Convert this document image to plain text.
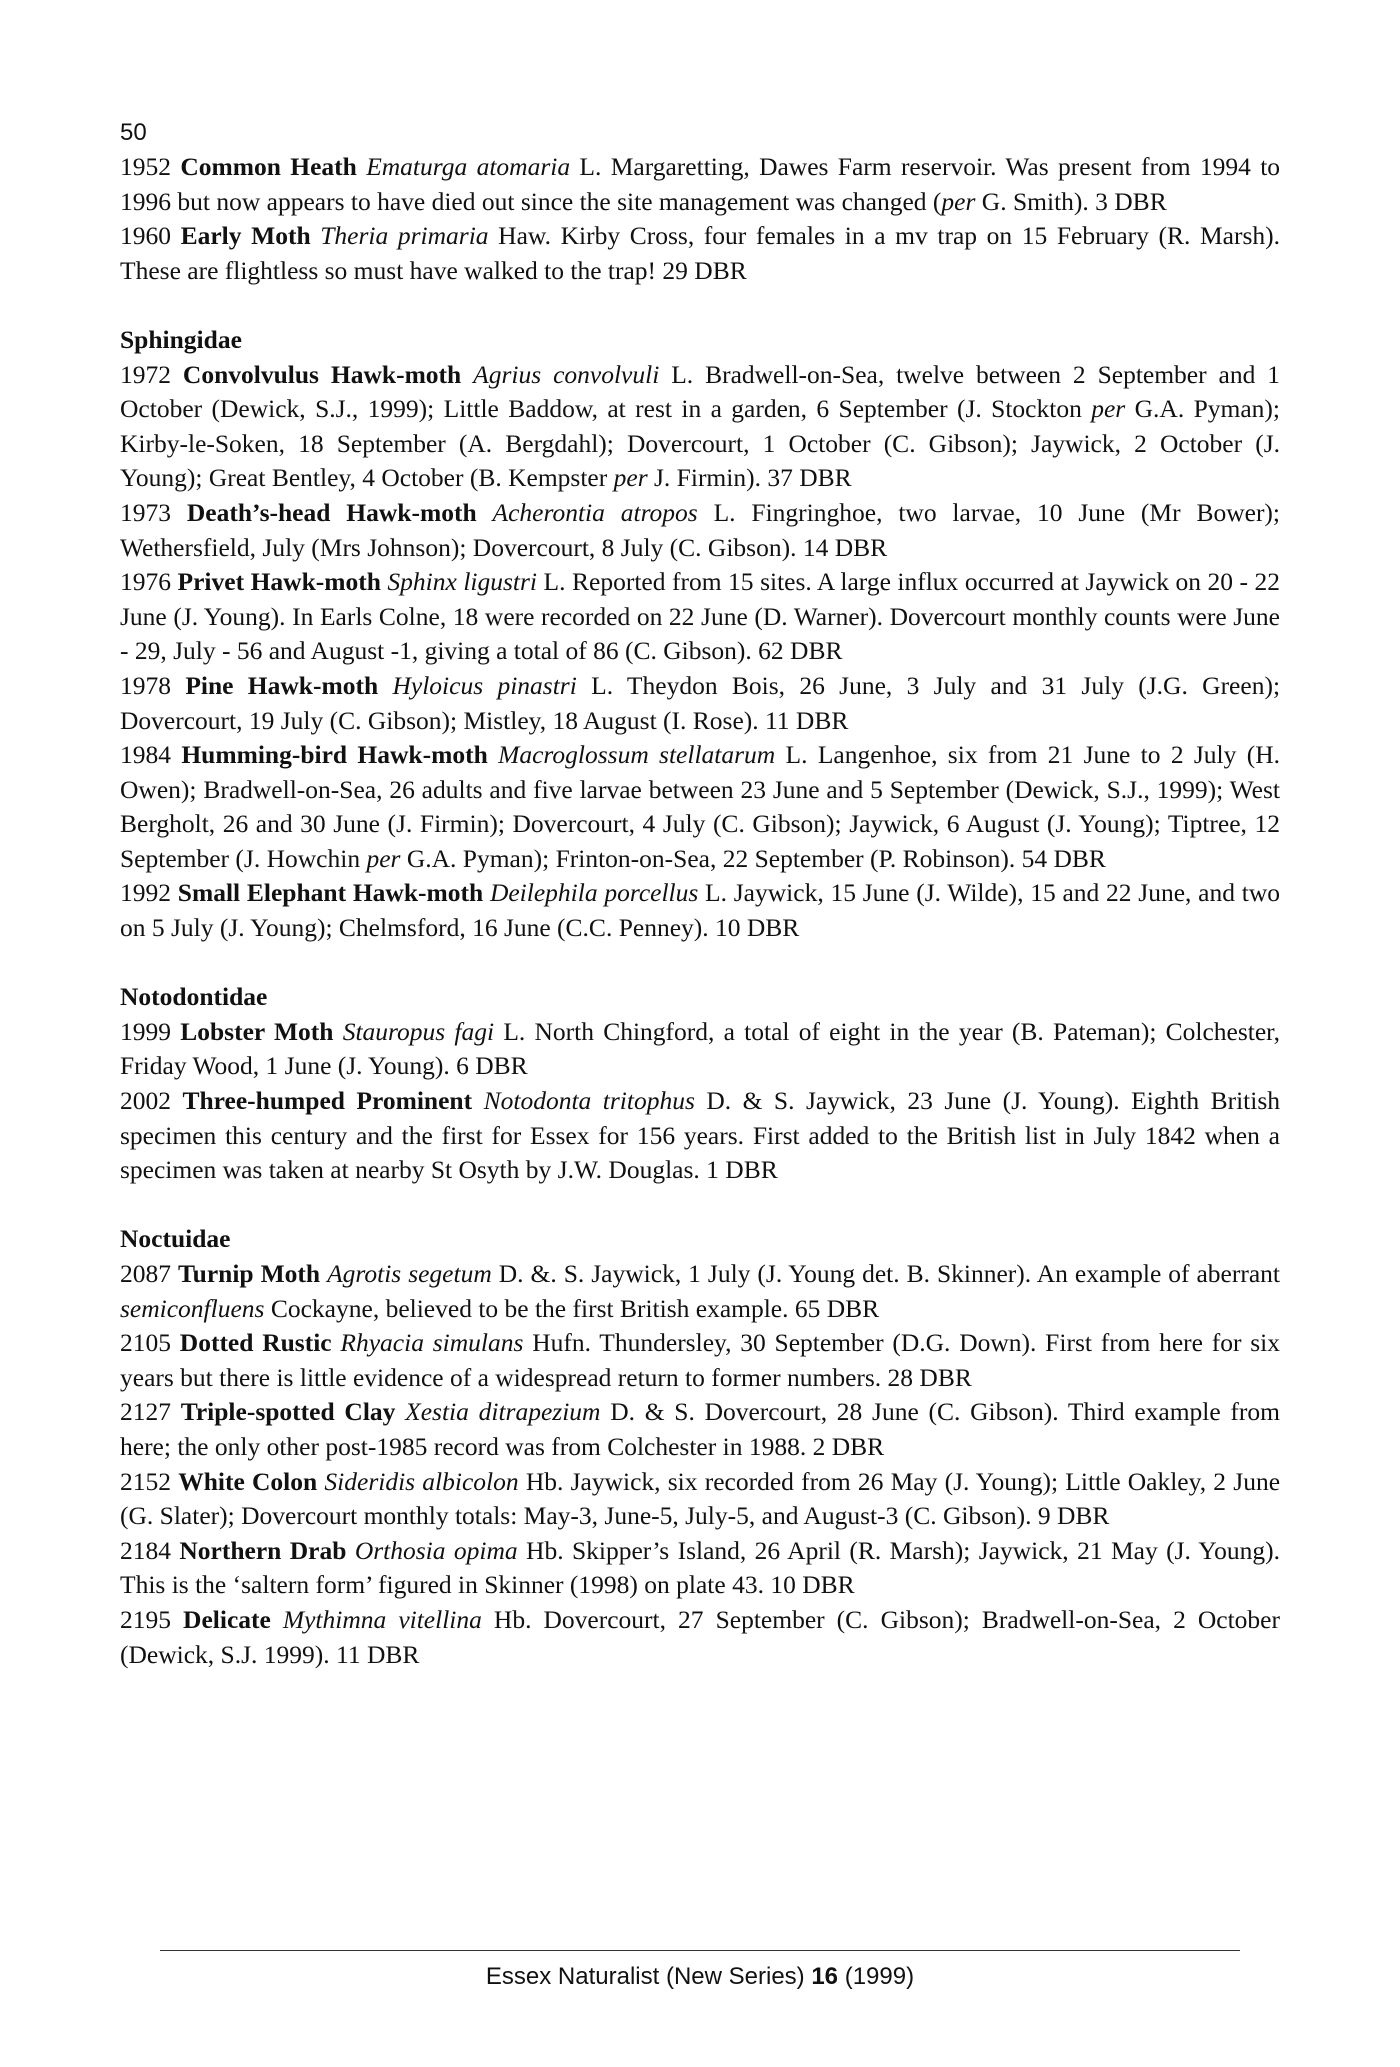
50

1952 Common Heath Ematurga atomaria L. Margaretting, Dawes Farm reservoir. Was present from 1994 to 1996 but now appears to have died out since the site management was changed (per G. Smith). 3 DBR

1960 Early Moth Theria primaria Haw. Kirby Cross, four females in a mv trap on 15 February (R. Marsh). These are flightless so must have walked to the trap! 29 DBR

Sphingidae

1972 Convolvulus Hawk-moth Agrius convolvuli L. Bradwell-on-Sea, twelve between 2 September and 1 October (Dewick, S.J., 1999); Little Baddow, at rest in a garden, 6 September (J. Stockton per G.A. Pyman); Kirby-le-Soken, 18 September (A. Bergdahl); Dovercourt, 1 October (C. Gibson); Jaywick, 2 October (J. Young); Great Bentley, 4 October (B. Kempster per J. Firmin). 37 DBR

1973 Death’s-head Hawk-moth Acherontia atropos L. Fingringhoe, two larvae, 10 June (Mr Bower); Wethersfield, July (Mrs Johnson); Dovercourt, 8 July (C. Gibson). 14 DBR

1976 Privet Hawk-moth Sphinx ligustri L. Reported from 15 sites. A large influx occurred at Jaywick on 20 - 22 June (J. Young). In Earls Colne, 18 were recorded on 22 June (D. Warner). Dovercourt monthly counts were June - 29, July - 56 and August -1, giving a total of 86 (C. Gibson). 62 DBR

1978 Pine Hawk-moth Hyloicus pinastri L. Theydon Bois, 26 June, 3 July and 31 July (J.G. Green); Dovercourt, 19 July (C. Gibson); Mistley, 18 August (I. Rose). 11 DBR

1984 Humming-bird Hawk-moth Macroglossum stellatarum L. Langenhoe, six from 21 June to 2 July (H. Owen); Bradwell-on-Sea, 26 adults and five larvae between 23 June and 5 September (Dewick, S.J., 1999); West Bergholt, 26 and 30 June (J. Firmin); Dovercourt, 4 July (C. Gibson); Jaywick, 6 August (J. Young); Tiptree, 12 September (J. Howchin per G.A. Pyman); Frinton-on-Sea, 22 September (P. Robinson). 54 DBR

1992 Small Elephant Hawk-moth Deilephila porcellus L. Jaywick, 15 June (J. Wilde), 15 and 22 June, and two on 5 July (J. Young); Chelmsford, 16 June (C.C. Penney). 10 DBR

Notodontidae

1999 Lobster Moth Stauropus fagi L. North Chingford, a total of eight in the year (B. Pateman); Colchester, Friday Wood, 1 June (J. Young). 6 DBR

2002 Three-humped Prominent Notodonta tritophus D. & S. Jaywick, 23 June (J. Young). Eighth British specimen this century and the first for Essex for 156 years. First added to the British list in July 1842 when a specimen was taken at nearby St Osyth by J.W. Douglas. 1 DBR

Noctuidae

2087 Turnip Moth Agrotis segetum D. &. S. Jaywick, 1 July (J. Young det. B. Skinner). An example of aberrant semiconfluens Cockayne, believed to be the first British example. 65 DBR

2105 Dotted Rustic Rhyacia simulans Hufn. Thundersley, 30 September (D.G. Down). First from here for six years but there is little evidence of a widespread return to former numbers. 28 DBR

2127 Triple-spotted Clay Xestia ditrapezium D. & S. Dovercourt, 28 June (C. Gibson). Third example from here; the only other post-1985 record was from Colchester in 1988. 2 DBR

2152 White Colon Sideridis albicolon Hb. Jaywick, six recorded from 26 May (J. Young); Little Oakley, 2 June (G. Slater); Dovercourt monthly totals: May-3, June-5, July-5, and August-3 (C. Gibson). 9 DBR

2184 Northern Drab Orthosia opima Hb. Skipper’s Island, 26 April (R. Marsh); Jaywick, 21 May (J. Young). This is the ‘saltern form’ figured in Skinner (1998) on plate 43. 10 DBR

2195 Delicate Mythimna vitellina Hb. Dovercourt, 27 September (C. Gibson); Bradwell-on-Sea, 2 October (Dewick, S.J. 1999). 11 DBR

Essex Naturalist (New Series) 16 (1999)
